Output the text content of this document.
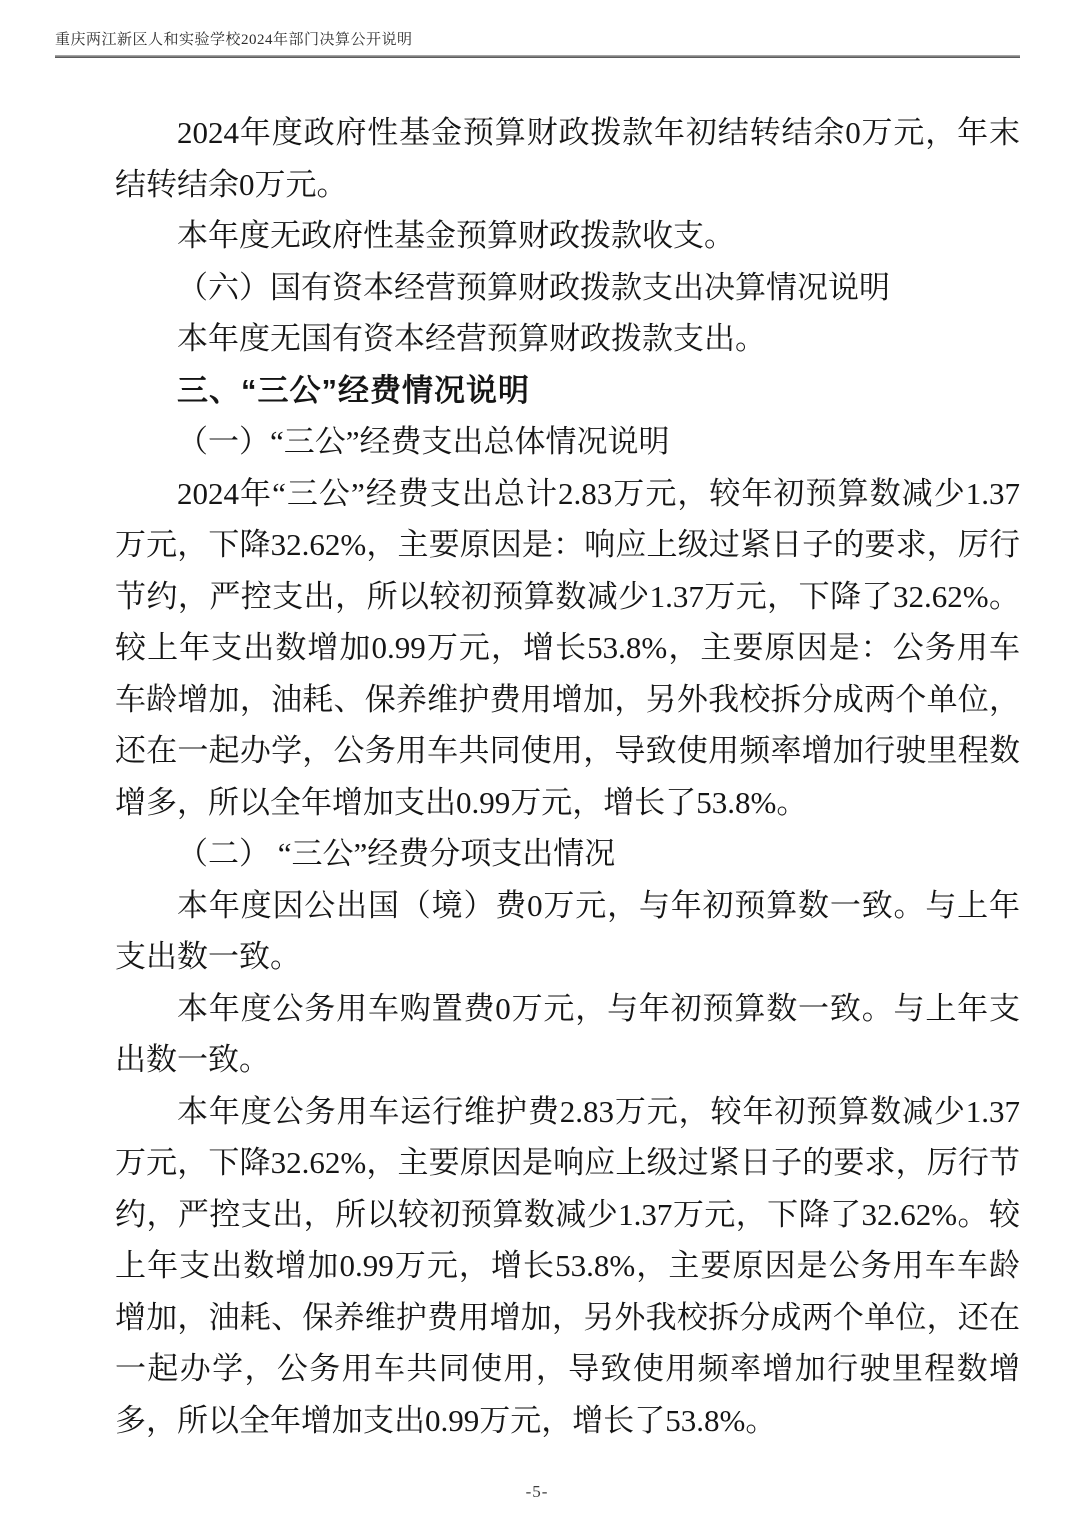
重庆两江新区人和实验学校2024年部门决算公开说明

2024年度政府性基金预算财政拨款年初结转结余0万元，年末结转结余0万元。

本年度无政府性基金预算财政拨款收支。

（六）国有资本经营预算财政拨款支出决算情况说明

本年度无国有资本经营预算财政拨款支出。

三、“三公”经费情况说明

（一）“三公”经费支出总体情况说明

2024年“三公”经费支出总计2.83万元，较年初预算数减少1.37万元，下降32.62%，主要原因是：响应上级过紧日子的要求，厉行节约，严控支出，所以较初预算数减少1.37万元，下降了32.62%。较上年支出数增加0.99万元，增长53.8%，主要原因是：公务用车车龄增加，油耗、保养维护费用增加，另外我校拆分成两个单位，还在一起办学，公务用车共同使用，导致使用频率增加行驶里程数增多，所以全年增加支出0.99万元，增长了53.8%。

（二） “三公”经费分项支出情况

本年度因公出国（境）费0万元，与年初预算数一致。与上年支出数一致。

本年度公务用车购置费0万元，与年初预算数一致。与上年支出数一致。

本年度公务用车运行维护费2.83万元，较年初预算数减少1.37万元，下降32.62%，主要原因是响应上级过紧日子的要求，厉行节约，严控支出，所以较初预算数减少1.37万元，下降了32.62%。较上年支出数增加0.99万元，增长53.8%，主要原因是公务用车车龄增加，油耗、保养维护费用增加，另外我校拆分成两个单位，还在一起办学，公务用车共同使用，导致使用频率增加行驶里程数增多，所以全年增加支出0.99万元，增长了53.8%。

-5-
